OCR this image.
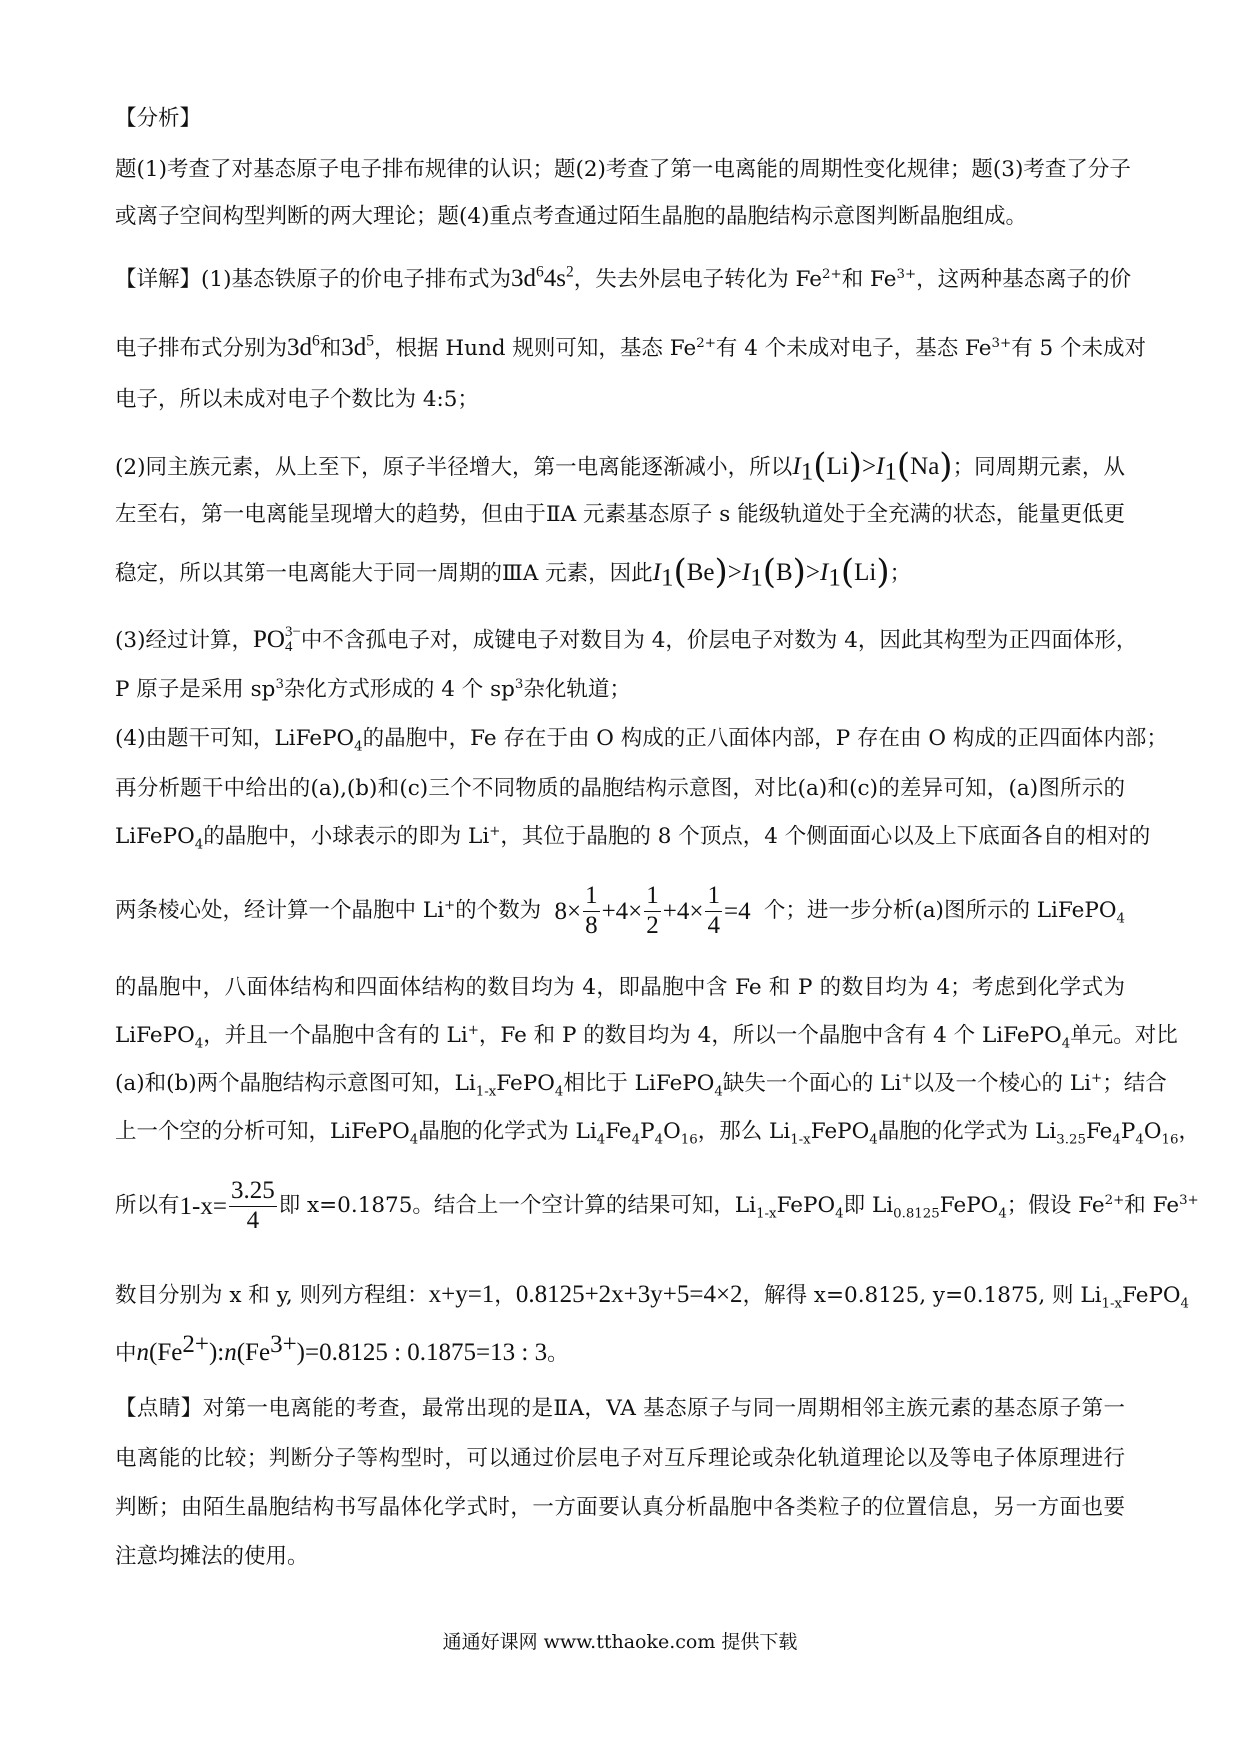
【分析】
题(1)考查了对基态原子电子排布规律的认识；题(2)考查了第一电离能的周期性变化规律；题(3)考查了分子
或离子空间构型判断的两大理论；题(4)重点考查通过陌生晶胞的晶胞结构示意图判断晶胞组成。
【详解】(1)基态铁原子的价电子排布式为$3d^64s^2$，失去外层电子转化为 $Fe^{2+}$和 $Fe^{3+}$，这两种基态离子的价
电子排布式分别为$3d^6$和$3d^5$，根据 Hund 规则可知，基态 $Fe^{2+}$有 4 个未成对电子，基态 $Fe^{3+}$有 5 个未成对
电子，所以未成对电子个数比为 4:5；
(2)同主族元素，从上至下，原子半径增大，第一电离能逐渐减小，所以$I_1(Li)>I_1(Na)$；同周期元素，从
左至右，第一电离能呈现增大的趋势，但由于ⅡA 元素基态原子 s 能级轨道处于全充满的状态，能量更低更
稳定，所以其第一电离能大于同一周期的ⅢA 元素，因此$I_1(Be)>I_1(B)>I_1(Li)$；
(3)经过计算，PO 3−
4 中不含孤电子对，成键电子对数目为 4，价层电子对数为 4，因此其构型为正四面体形，
P 原子是采用 $sp^3$杂化方式形成的 4 个 $sp^3$杂化轨道；
(4)由题干可知，LiFePO$_4$的晶胞中，Fe 存在于由 O 构成的正八面体内部，P 存在由 O 构成的正四面体内部；
再分析题干中给出的(a),(b)和(c)三个不同物质的晶胞结构示意图，对比(a)和(c)的差异可知，(a)图所示的
LiFePO$_4$的晶胞中，小球表示的即为 Li+，其位于晶胞的 8 个顶点，4 个侧面面心以及上下底面各自的相对的
两条棱心处，经计算一个晶胞中 Li+的个数为 $8\times \frac{1}{8} +4\times \frac{1}{2} +4\times \frac{1}{4} =4$ 个；进一步分析(a)图所示的 LiFePO$_4$
的晶胞中，八面体结构和四面体结构的数目均为 4，即晶胞中含 Fe 和 P 的数目均为 4；考虑到化学式为
LiFePO$_4$，并且一个晶胞中含有的 Li+，Fe 和 P 的数目均为 4，所以一个晶胞中含有 4 个 LiFePO$_4$单元。对比
(a)和(b)两个晶胞结构示意图可知，$Li_{1-x}FePO_4$相比于 LiFePO$_4$缺失一个面心的 Li+以及一个棱心的 Li+；结合
上一个空的分析可知，LiFePO$_4$晶胞的化学式为 $Li_4Fe_4P_4O_{16}$，那么 $Li_{1-x}FePO_4$晶胞的化学式为 $Li_{3.25}Fe_4P_4O_{16}$，
所以有 $1-x= \frac{3.25}{4}$ 即 x=0.1875。结合上一个空计算的结果可知，$Li_{1-x}FePO_4$即 $Li_{0.8125}FePO_4$；假设 $Fe^{2+}$和 $Fe^{3+}$
数目分别为 x 和 y, 则列方程组：x+y=1，0.8125+2x+3y+5=4×2，解得 x=0.8125, y=0.1875, 则 $Li_{1-x}FePO_4$
中$n(Fe^{2+}):n(Fe^{3+})=0.8125$ : 0.1875=13 : 3。
【点睛】对第一电离能的考查，最常出现的是ⅡA，VA 基态原子与同一周期相邻主族元素的基态原子第一
电离能的比较；判断分子等构型时，可以通过价层电子对互斥理论或杂化轨道理论以及等电子体原理进行
判断；由陌生晶胞结构书写晶体化学式时，一方面要认真分析晶胞中各类粒子的位置信息，另一方面也要
注意均摊法的使用。
通通好课网 www.tthaoke.com 提供下载
